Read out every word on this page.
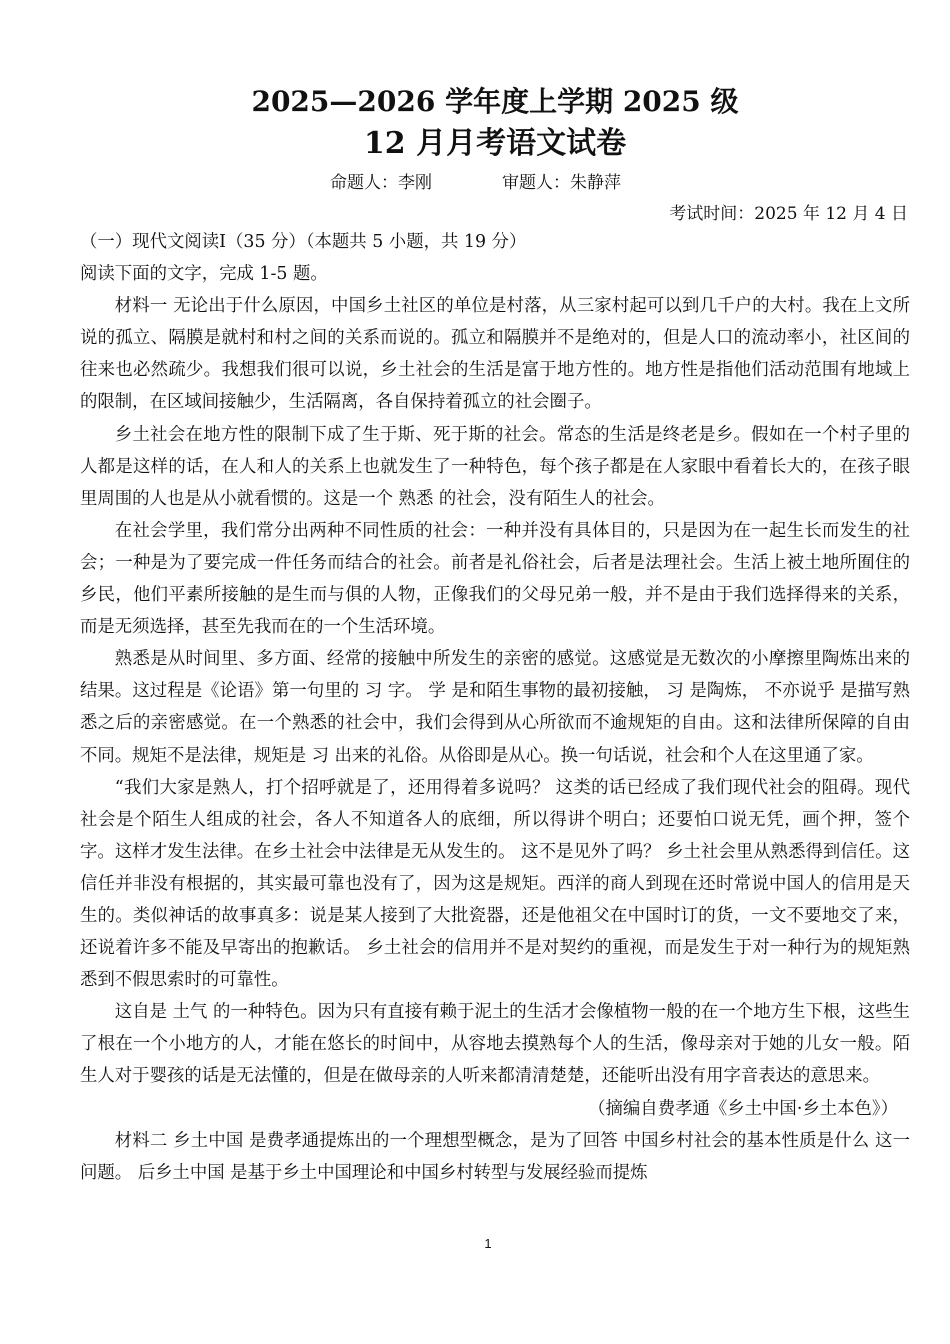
2025—2026 学年度上学期 2025 级
12 月月考语文试卷
命题人：李刚	审题人：朱静萍
考试时间：2025 年 12 月 4 日

（一）现代文阅读Ⅰ（35 分）（本题共 5 小题，共 19 分）

阅读下面的文字，完成 1-5 题。

材料一 无论出于什么原因，中国乡土社区的单位是村落，从三家村起可以到几千户的大村。我在上文所说的孤立、隔膜是就村和村之间的关系而说的。孤立和隔膜并不是绝对的，但是人口的流动率小，社区间的往来也必然疏少。我想我们很可以说，乡土社会的生活是富于地方性的。地方性是指他们活动范围有地域上的限制，在区域间接触少，生活隔离，各自保持着孤立的社会圈子。

乡土社会在地方性的限制下成了生于斯、死于斯的社会。常态的生活是终老是乡。假如在一个村子里的人都是这样的话，在人和人的关系上也就发生了一种特色，每个孩子都是在人家眼中看着长大的，在孩子眼里周围的人也是从小就看惯的。这是一个 熟悉 的社会，没有陌生人的社会。

在社会学里，我们常分出两种不同性质的社会：一种并没有具体目的，只是因为在一起生长而发生的社会；一种是为了要完成一件任务而结合的社会。前者是礼俗社会，后者是法理社会。生活上被土地所囿住的乡民，他们平素所接触的是生而与俱的人物，正像我们的父母兄弟一般，并不是由于我们选择得来的关系，而是无须选择，甚至先我而在的一个生活环境。

熟悉是从时间里、多方面、经常的接触中所发生的亲密的感觉。这感觉是无数次的小摩擦里陶炼出来的结果。这过程是《论语》第一句里的 习 字。 学 是和陌生事物的最初接触， 习 是陶炼， 不亦说乎 是描写熟悉之后的亲密感觉。在一个熟悉的社会中，我们会得到从心所欲而不逾规矩的自由。这和法律所保障的自由不同。规矩不是法律，规矩是 习 出来的礼俗。从俗即是从心。换一句话说，社会和个人在这里通了家。

“我们大家是熟人，打个招呼就是了，还用得着多说吗？ 这类的话已经成了我们现代社会的阻碍。现代社会是个陌生人组成的社会，各人不知道各人的底细，所以得讲个明白；还要怕口说无凭，画个押，签个字。这样才发生法律。在乡土社会中法律是无从发生的。 这不是见外了吗？ 乡土社会里从熟悉得到信任。这信任并非没有根据的，其实最可靠也没有了，因为这是规矩。西洋的商人到现在还时常说中国人的信用是天生的。类似神话的故事真多：说是某人接到了大批瓷器，还是他祖父在中国时订的货，一文不要地交了来，还说着许多不能及早寄出的抱歉话。 乡土社会的信用并不是对契约的重视，而是发生于对一种行为的规矩熟悉到不假思索时的可靠性。

这自是 土气 的一种特色。因为只有直接有赖于泥土的生活才会像植物一般的在一个地方生下根，这些生了根在一个小地方的人，才能在悠长的时间中，从容地去摸熟每个人的生活，像母亲对于她的儿女一般。陌生人对于婴孩的话是无法懂的，但是在做母亲的人听来都清清楚楚，还能听出没有用字音表达的意思来。

（摘编自费孝通《乡土中国·乡土本色》）

材料二 乡土中国 是费孝通提炼出的一个理想型概念，是为了回答 中国乡村社会的基本性质是什么 这一问题。 后乡土中国 是基于乡土中国理论和中国乡村转型与发展经验而提炼

1
